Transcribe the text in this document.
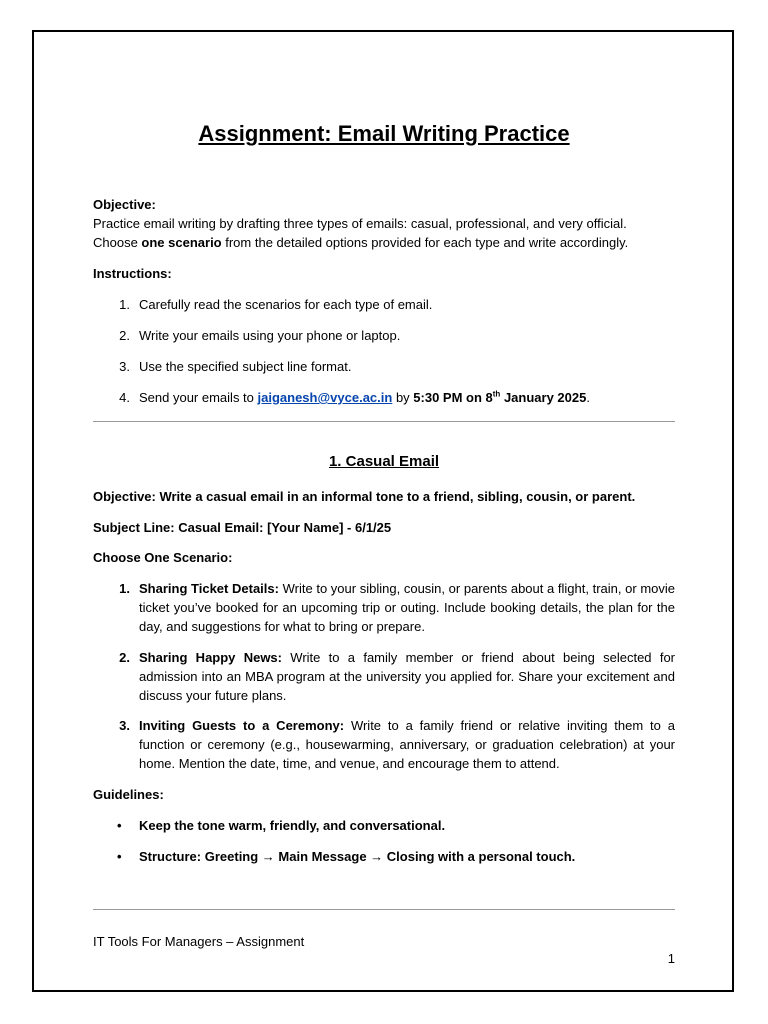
Assignment: Email Writing Practice
Objective:
Practice email writing by drafting three types of emails: casual, professional, and very official. Choose one scenario from the detailed options provided for each type and write accordingly.
Instructions:
1. Carefully read the scenarios for each type of email.
2. Write your emails using your phone or laptop.
3. Use the specified subject line format.
4. Send your emails to jaiganesh@vyce.ac.in by 5:30 PM on 8th January 2025.
1. Casual Email
Objective: Write a casual email in an informal tone to a friend, sibling, cousin, or parent.
Subject Line: Casual Email: [Your Name] - 6/1/25
Choose One Scenario:
1. Sharing Ticket Details: Write to your sibling, cousin, or parents about a flight, train, or movie ticket you’ve booked for an upcoming trip or outing. Include booking details, the plan for the day, and suggestions for what to bring or prepare.

2. Sharing Happy News: Write to a family member or friend about being selected for admission into an MBA program at the university you applied for. Share your excitement and discuss your future plans.

3. Inviting Guests to a Ceremony: Write to a family friend or relative inviting them to a function or ceremony (e.g., housewarming, anniversary, or graduation celebration) at your home. Mention the date, time, and venue, and encourage them to attend.

Guidelines:
• Keep the tone warm, friendly, and conversational.
• Structure: Greeting → Main Message → Closing with a personal touch.
IT Tools For Managers – Assignment
1
